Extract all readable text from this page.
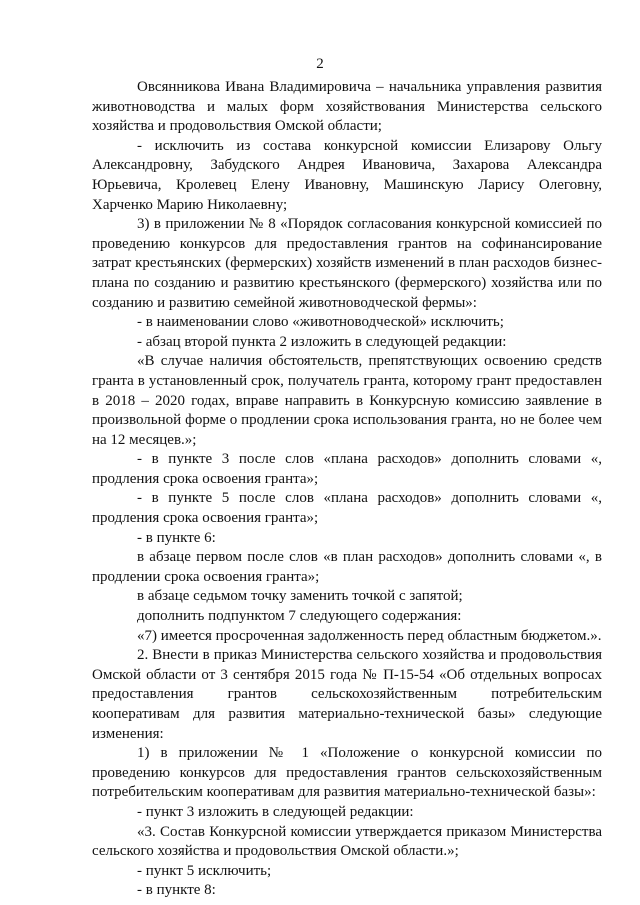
2

Овсянникова Ивана Владимировича – начальника управления развития животноводства и малых форм хозяйствования Министерства сельского хозяйства и продовольствия Омской области;

- исключить из состава конкурсной комиссии Елизарову Ольгу Александровну, Забудского Андрея Ивановича, Захарова Александра Юрьевича, Кролевец Елену Ивановну, Машинскую Ларису Олеговну, Харченко Марию Николаевну;

3) в приложении № 8 «Порядок согласования конкурсной комиссией по проведению конкурсов для предоставления грантов на софинансирование затрат крестьянских (фермерских) хозяйств изменений в план расходов бизнес-плана по созданию и развитию крестьянского (фермерского) хозяйства или по созданию и развитию семейной животноводческой фермы»:

- в наименовании слово «животноводческой» исключить;

- абзац второй пункта 2 изложить в следующей редакции:

«В случае наличия обстоятельств, препятствующих освоению средств гранта в установленный срок, получатель гранта, которому грант предоставлен в 2018 – 2020 годах, вправе направить в Конкурсную комиссию заявление в произвольной форме о продлении срока использования гранта, но не более чем на 12 месяцев.»;

- в пункте 3 после слов «плана расходов» дополнить словами «, продления срока освоения гранта»;

- в пункте 5 после слов «плана расходов» дополнить словами «, продления срока освоения гранта»;

- в пункте 6:

в абзаце первом после слов «в план расходов» дополнить словами «, в продлении срока освоения гранта»;

в абзаце седьмом точку заменить точкой с запятой;

дополнить подпунктом 7 следующего содержания:

«7) имеется просроченная задолженность перед областным бюджетом.».

2. Внести в приказ Министерства сельского хозяйства и продовольствия Омской области от 3 сентября 2015 года № П-15-54 «Об отдельных вопросах предоставления грантов сельскохозяйственным потребительским кооперативам для развития материально-технической базы» следующие изменения:

1) в приложении № 1 «Положение о конкурсной комиссии по проведению конкурсов для предоставления грантов сельскохозяйственным потребительским кооперативам для развития материально-технической базы»:

- пункт 3 изложить в следующей редакции:

«3. Состав Конкурсной комиссии утверждается приказом Министерства сельского хозяйства и продовольствия Омской области.»;

- пункт 5 исключить;

- в пункте 8:
